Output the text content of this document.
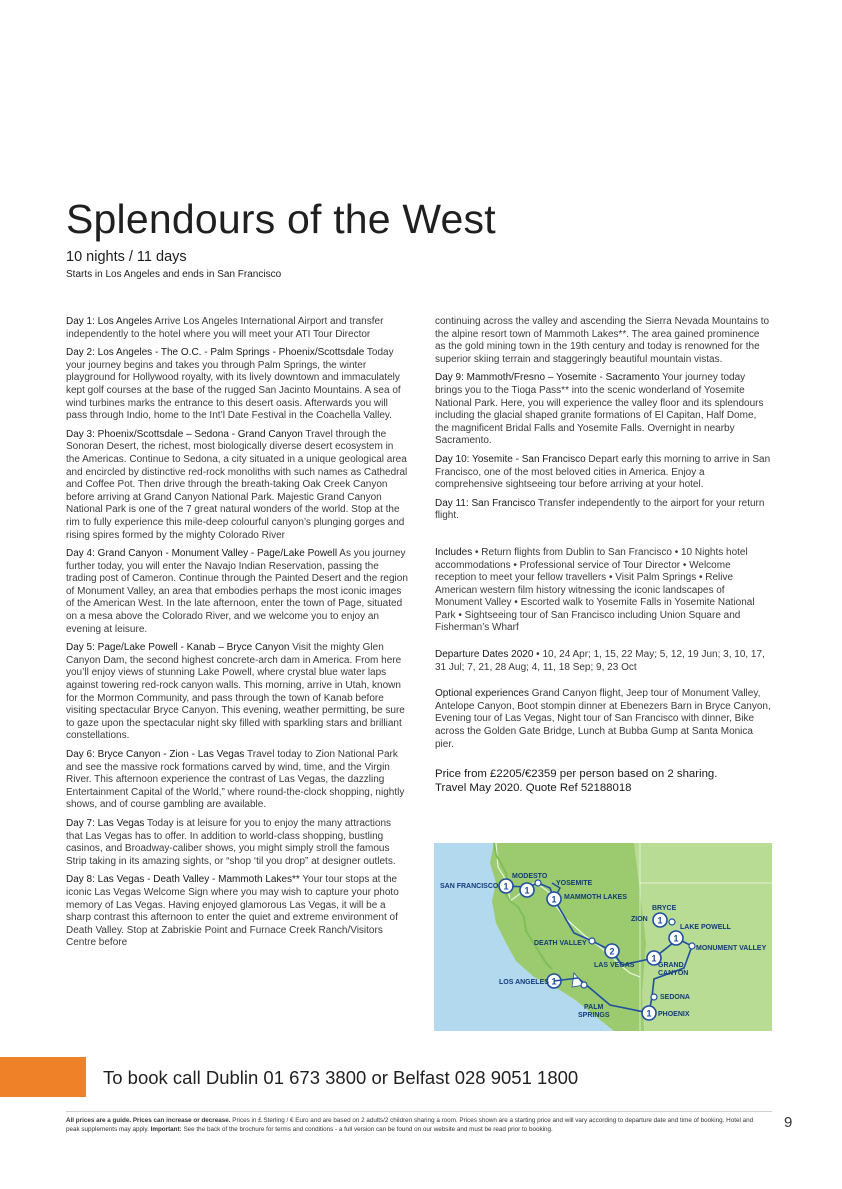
Splendours of the West
10 nights / 11 days
Starts in Los Angeles and ends in San Francisco

Day 1: Los Angeles Arrive Los Angeles International Airport and transfer independently to the hotel where you will meet your ATI Tour Director

Day 2: Los Angeles - The O.C. - Palm Springs - Phoenix/Scottsdale Today your journey begins and takes you through Palm Springs, the winter playground for Hollywood royalty, with its lively downtown and immaculately kept golf courses at the base of the rugged San Jacinto Mountains. A sea of wind turbines marks the entrance to this desert oasis. Afterwards you will pass through Indio, home to the Int’l Date Festival in the Coachella Valley.

Day 3: Phoenix/Scottsdale – Sedona - Grand Canyon Travel through the Sonoran Desert, the richest, most biologically diverse desert ecosystem in the Americas. Continue to Sedona, a city situated in a unique geological area and encircled by distinctive red-rock monoliths with such names as Cathedral and Coffee Pot. Then drive through the breath-taking Oak Creek Canyon before arriving at Grand Canyon National Park. Majestic Grand Canyon National Park is one of the 7 great natural wonders of the world. Stop at the rim to fully experience this mile-deep colourful canyon’s plunging gorges and rising spires formed by the mighty Colorado River

Day 4: Grand Canyon - Monument Valley - Page/Lake Powell As you journey further today, you will enter the Navajo Indian Reservation, passing the trading post of Cameron. Continue through the Painted Desert and the region of Monument Valley, an area that embodies perhaps the most iconic images of the American West. In the late afternoon, enter the town of Page, situated on a mesa above the Colorado River, and we welcome you to enjoy an evening at leisure.

Day 5: Page/Lake Powell - Kanab – Bryce Canyon Visit the mighty Glen Canyon Dam, the second highest concrete-arch dam in America. From here you’ll enjoy views of stunning Lake Powell, where crystal blue water laps against towering red-rock canyon walls. This morning, arrive in Utah, known for the Mormon Community, and pass through the town of Kanab before visiting spectacular Bryce Canyon. This evening, weather permitting, be sure to gaze upon the spectacular night sky filled with sparkling stars and brilliant constellations.

Day 6: Bryce Canyon - Zion - Las Vegas Travel today to Zion National Park and see the massive rock formations carved by wind, time, and the Virgin River. This afternoon experience the contrast of Las Vegas, the dazzling Entertainment Capital of the World,” where round-the-clock shopping, nightly shows, and of course gambling are available.

Day 7: Las Vegas Today is at leisure for you to enjoy the many attractions that Las Vegas has to offer. In addition to world-class shopping, bustling casinos, and Broadway-caliber shows, you might simply stroll the famous Strip taking in its amazing sights, or “shop ‘til you drop” at designer outlets.

Day 8: Las Vegas - Death Valley - Mammoth Lakes** Your tour stops at the iconic Las Vegas Welcome Sign where you may wish to capture your photo memory of Las Vegas. Having enjoyed glamorous Las Vegas, it will be a sharp contrast this afternoon to enter the quiet and extreme environment of Death Valley. Stop at Zabriskie Point and Furnace Creek Ranch/Visitors Centre before

continuing across the valley and ascending the Sierra Nevada Mountains to the alpine resort town of Mammoth Lakes**. The area gained prominence as the gold mining town in the 19th century and today is renowned for the superior skiing terrain and staggeringly beautiful mountain vistas.

Day 9: Mammoth/Fresno – Yosemite - Sacramento Your journey today brings you to the Tioga Pass** into the scenic wonderland of Yosemite National Park. Here, you will experience the valley floor and its splendours including the glacial shaped granite formations of El Capitan, Half Dome, the magnificent Bridal Falls and Yosemite Falls. Overnight in nearby Sacramento.

Day 10: Yosemite - San Francisco Depart early this morning to arrive in San Francisco, one of the most beloved cities in America. Enjoy a comprehensive sightseeing tour before arriving at your hotel.

Day 11: San Francisco Transfer independently to the airport for your return flight.

Includes • Return flights from Dublin to San Francisco • 10 Nights hotel accommodations • Professional service of Tour Director • Welcome reception to meet your fellow travellers • Visit Palm Springs • Relive American western film history witnessing the iconic landscapes of Monument Valley • Escorted walk to Yosemite Falls in Yosemite National Park • Sightseeing tour of San Francisco including Union Square and Fisherman’s Wharf

Departure Dates 2020 • 10, 24 Apr; 1, 15, 22 May; 5, 12, 19 Jun; 3, 10, 17, 31 Jul; 7, 21, 28 Aug; 4, 11, 18 Sep; 9, 23 Oct

Optional experiences Grand Canyon flight, Jeep tour of Monument Valley, Antelope Canyon, Boot stompin dinner at Ebenezers Barn in Bryce Canyon, Evening tour of Las Vegas, Night tour of San Francisco with dinner, Bike across the Golden Gate Bridge, Lunch at Bubba Gump at Santa Monica pier.

Price from £2205/€2359 per person based on 2 sharing.
Travel May 2020. Quote Ref 52188018

1 1
1
1
1
2
1
1
1
SAN FRANCISCO
MODESTO
YOSEMITE
MAMMOTH LAKES
BRYCE
ZION
LAKE POWELL
MONUMENT VALLEY
DEATH VALLEY
LAS VEGAS	GRAND
CANYON
LOS ANGELES
SEDONA
PALM
SPRINGS	PHOENIX
To book call Dublin 01 673 3800 or Belfast 028 9051 1800
All prices are a guide. Prices can increase or decrease. Prices in £ Sterling / € Euro and are based on 2 adults/2 children sharing a room. Prices shown are a starting price and will vary according to departure date and time of booking. Hotel and peak supplements may apply. Important: See the back of the brochure for terms and conditions - a full version can be found on our website and must be read prior to booking.	9
